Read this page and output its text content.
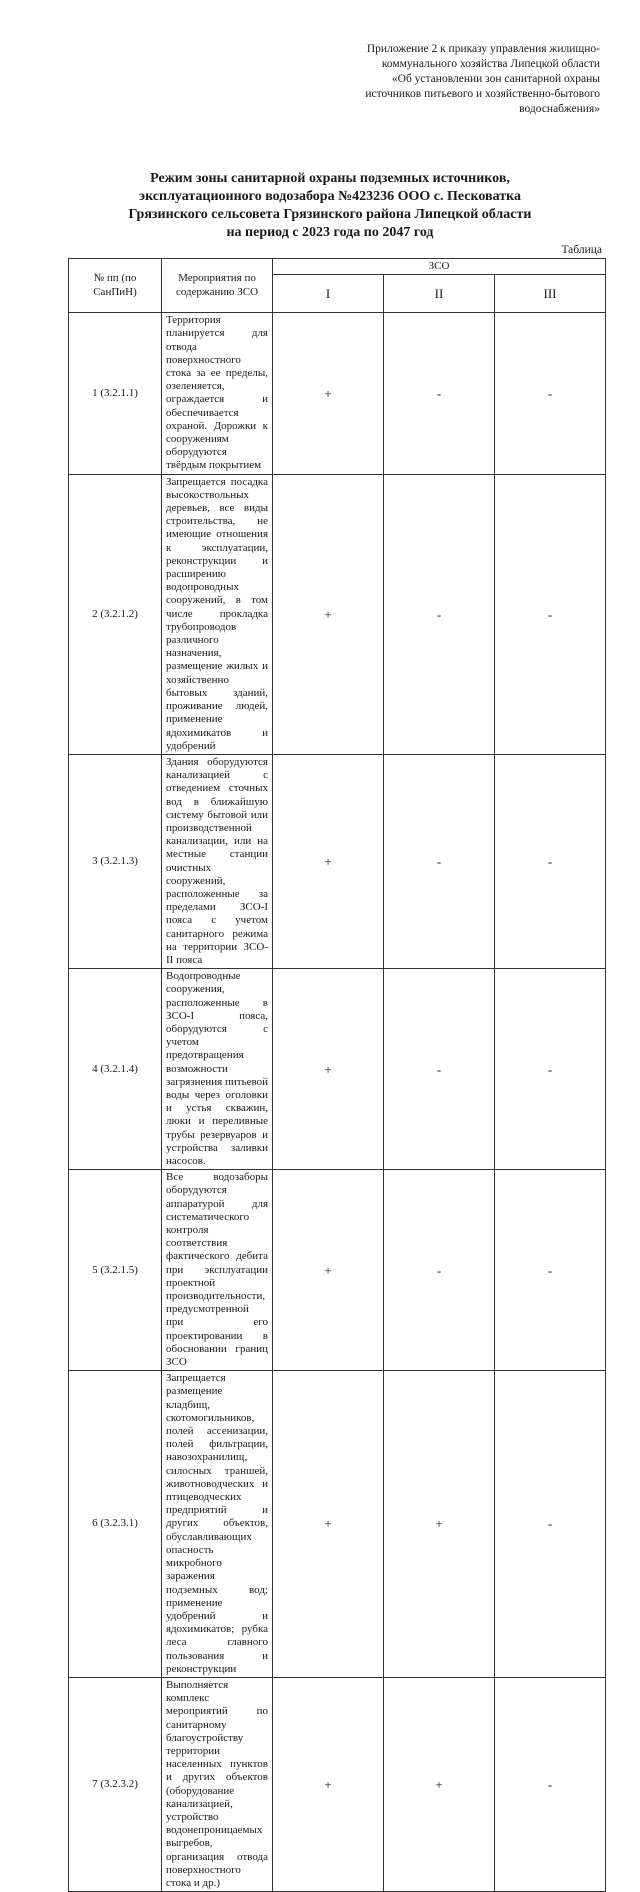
Приложение 2 к приказу управления жилищно-
коммунального хозяйства Липецкой области
«Об установлении зон санитарной охраны
источников питьевого и хозяйственно-бытового
водоснабжения»
Режим зоны санитарной охраны подземных источников,
эксплуатационного водозабора №423236 ООО с. Песковатка
Грязинского сельсовета Грязинского района Липецкой области
на период с 2023 года по 2047 год
Таблица
№ пп (по СанПиН)	Мероприятия по содержанию ЗСО	ЗСО		
		I	II	III
1 (3.2.1.1)	Территория планируется для отвода поверхностного стока за ее пределы, озеленяется, ограждается и обеспечивается охраной. Дорожки к сооружениям оборудуются твёрдым покрытием	+	-	-
2 (3.2.1.2)	Запрещается посадка высокоствольных деревьев, все виды строительства, не имеющие отношения к эксплуатации, реконструкции и расширению водопроводных сооружений, в том числе прокладка трубопроводов различного назначения, размещение жилых и хозяйственно бытовых зданий, проживание людей, применение ядохимикатов и удобрений	+	-	-
3 (3.2.1.3)	Здания оборудуются канализацией с отведением сточных вод в ближайшую систему бытовой или производственной канализации, или на местные станции очистных сооружений, расположенные за пределами ЗСО-I пояса с учетом санитарного режима на территории ЗСО-II пояса	+	-	-
4 (3.2.1.4)	Водопроводные сооружения, расположенные в ЗСО-I пояса, оборудуются с учетом предотвращения возможности загрязнения питьевой воды через оголовки и устья скважин, люки и переливные трубы резервуаров и устройства заливки насосов.	+	-	-
5 (3.2.1.5)	Все водозаборы оборудуются аппаратурой для систематического контроля соответствия фактического дебита при эксплуатации проектной производительности, предусмотренной при его проектировании в обосновании границ ЗСО	+	-	-
6 (3.2.3.1)	Запрещается размещение кладбищ, скотомогильников, полей ассенизации, полей фильтрации, навозохранилищ, силосных траншей, животноводческих и птицеводческих предприятий и других объектов, обуславливающих опасность микробного заражения подземных вод; применение удобрений и ядохимикатов; рубка леса главного пользования и реконструкции	+	+	-
7 (3.2.3.2)	Выполняется комплекс мероприятий по санитарному благоустройству территории населенных пунктов и других объектов (оборудование канализацией, устройство водонепроницаемых выгребов, организация отвода поверхностного стока и др.)	+	+	-
